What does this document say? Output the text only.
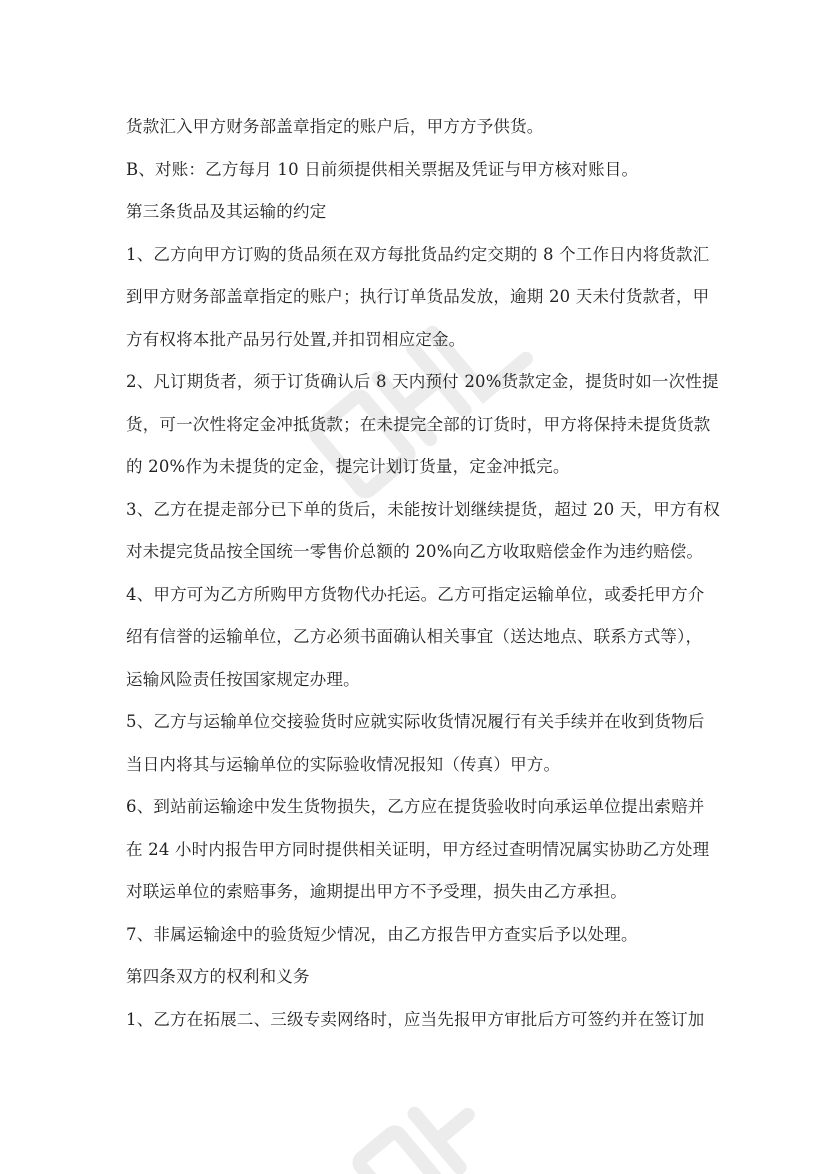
货款汇入甲方财务部盖章指定的账户后，甲方方予供货。

B、对账：乙方每月 10 日前须提供相关票据及凭证与甲方核对账目。

第三条货品及其运输的约定

1、乙方向甲方订购的货品须在双方每批货品约定交期的 8 个工作日内将货款汇
到甲方财务部盖章指定的账户；执行订单货品发放，逾期 20 天未付货款者，甲
方有权将本批产品另行处置,并扣罚相应定金。

2、凡订期货者，须于订货确认后 8 天内预付 20%货款定金，提货时如一次性提
货，可一次性将定金冲抵货款；在未提完全部的订货时，甲方将保持未提货货款
的 20%作为未提货的定金，提完计划订货量，定金冲抵完。

3、乙方在提走部分已下单的货后，未能按计划继续提货，超过 20 天，甲方有权
对未提完货品按全国统一零售价总额的 20%向乙方收取赔偿金作为违约赔偿。

4、甲方可为乙方所购甲方货物代办托运。乙方可指定运输单位，或委托甲方介
绍有信誉的运输单位，乙方必须书面确认相关事宜（送达地点、联系方式等），
运输风险责任按国家规定办理。

5、乙方与运输单位交接验货时应就实际收货情况履行有关手续并在收到货物后
当日内将其与运输单位的实际验收情况报知（传真）甲方。

6、到站前运输途中发生货物损失，乙方应在提货验收时向承运单位提出索赔并
在 24 小时内报告甲方同时提供相关证明，甲方经过查明情况属实协助乙方处理
对联运单位的索赔事务，逾期提出甲方不予受理，损失由乙方承担。

7、非属运输途中的验货短少情况，由乙方报告甲方查实后予以处理。

第四条双方的权利和义务

1、乙方在拓展二、三级专卖网络时，应当先报甲方审批后方可签约并在签订加
